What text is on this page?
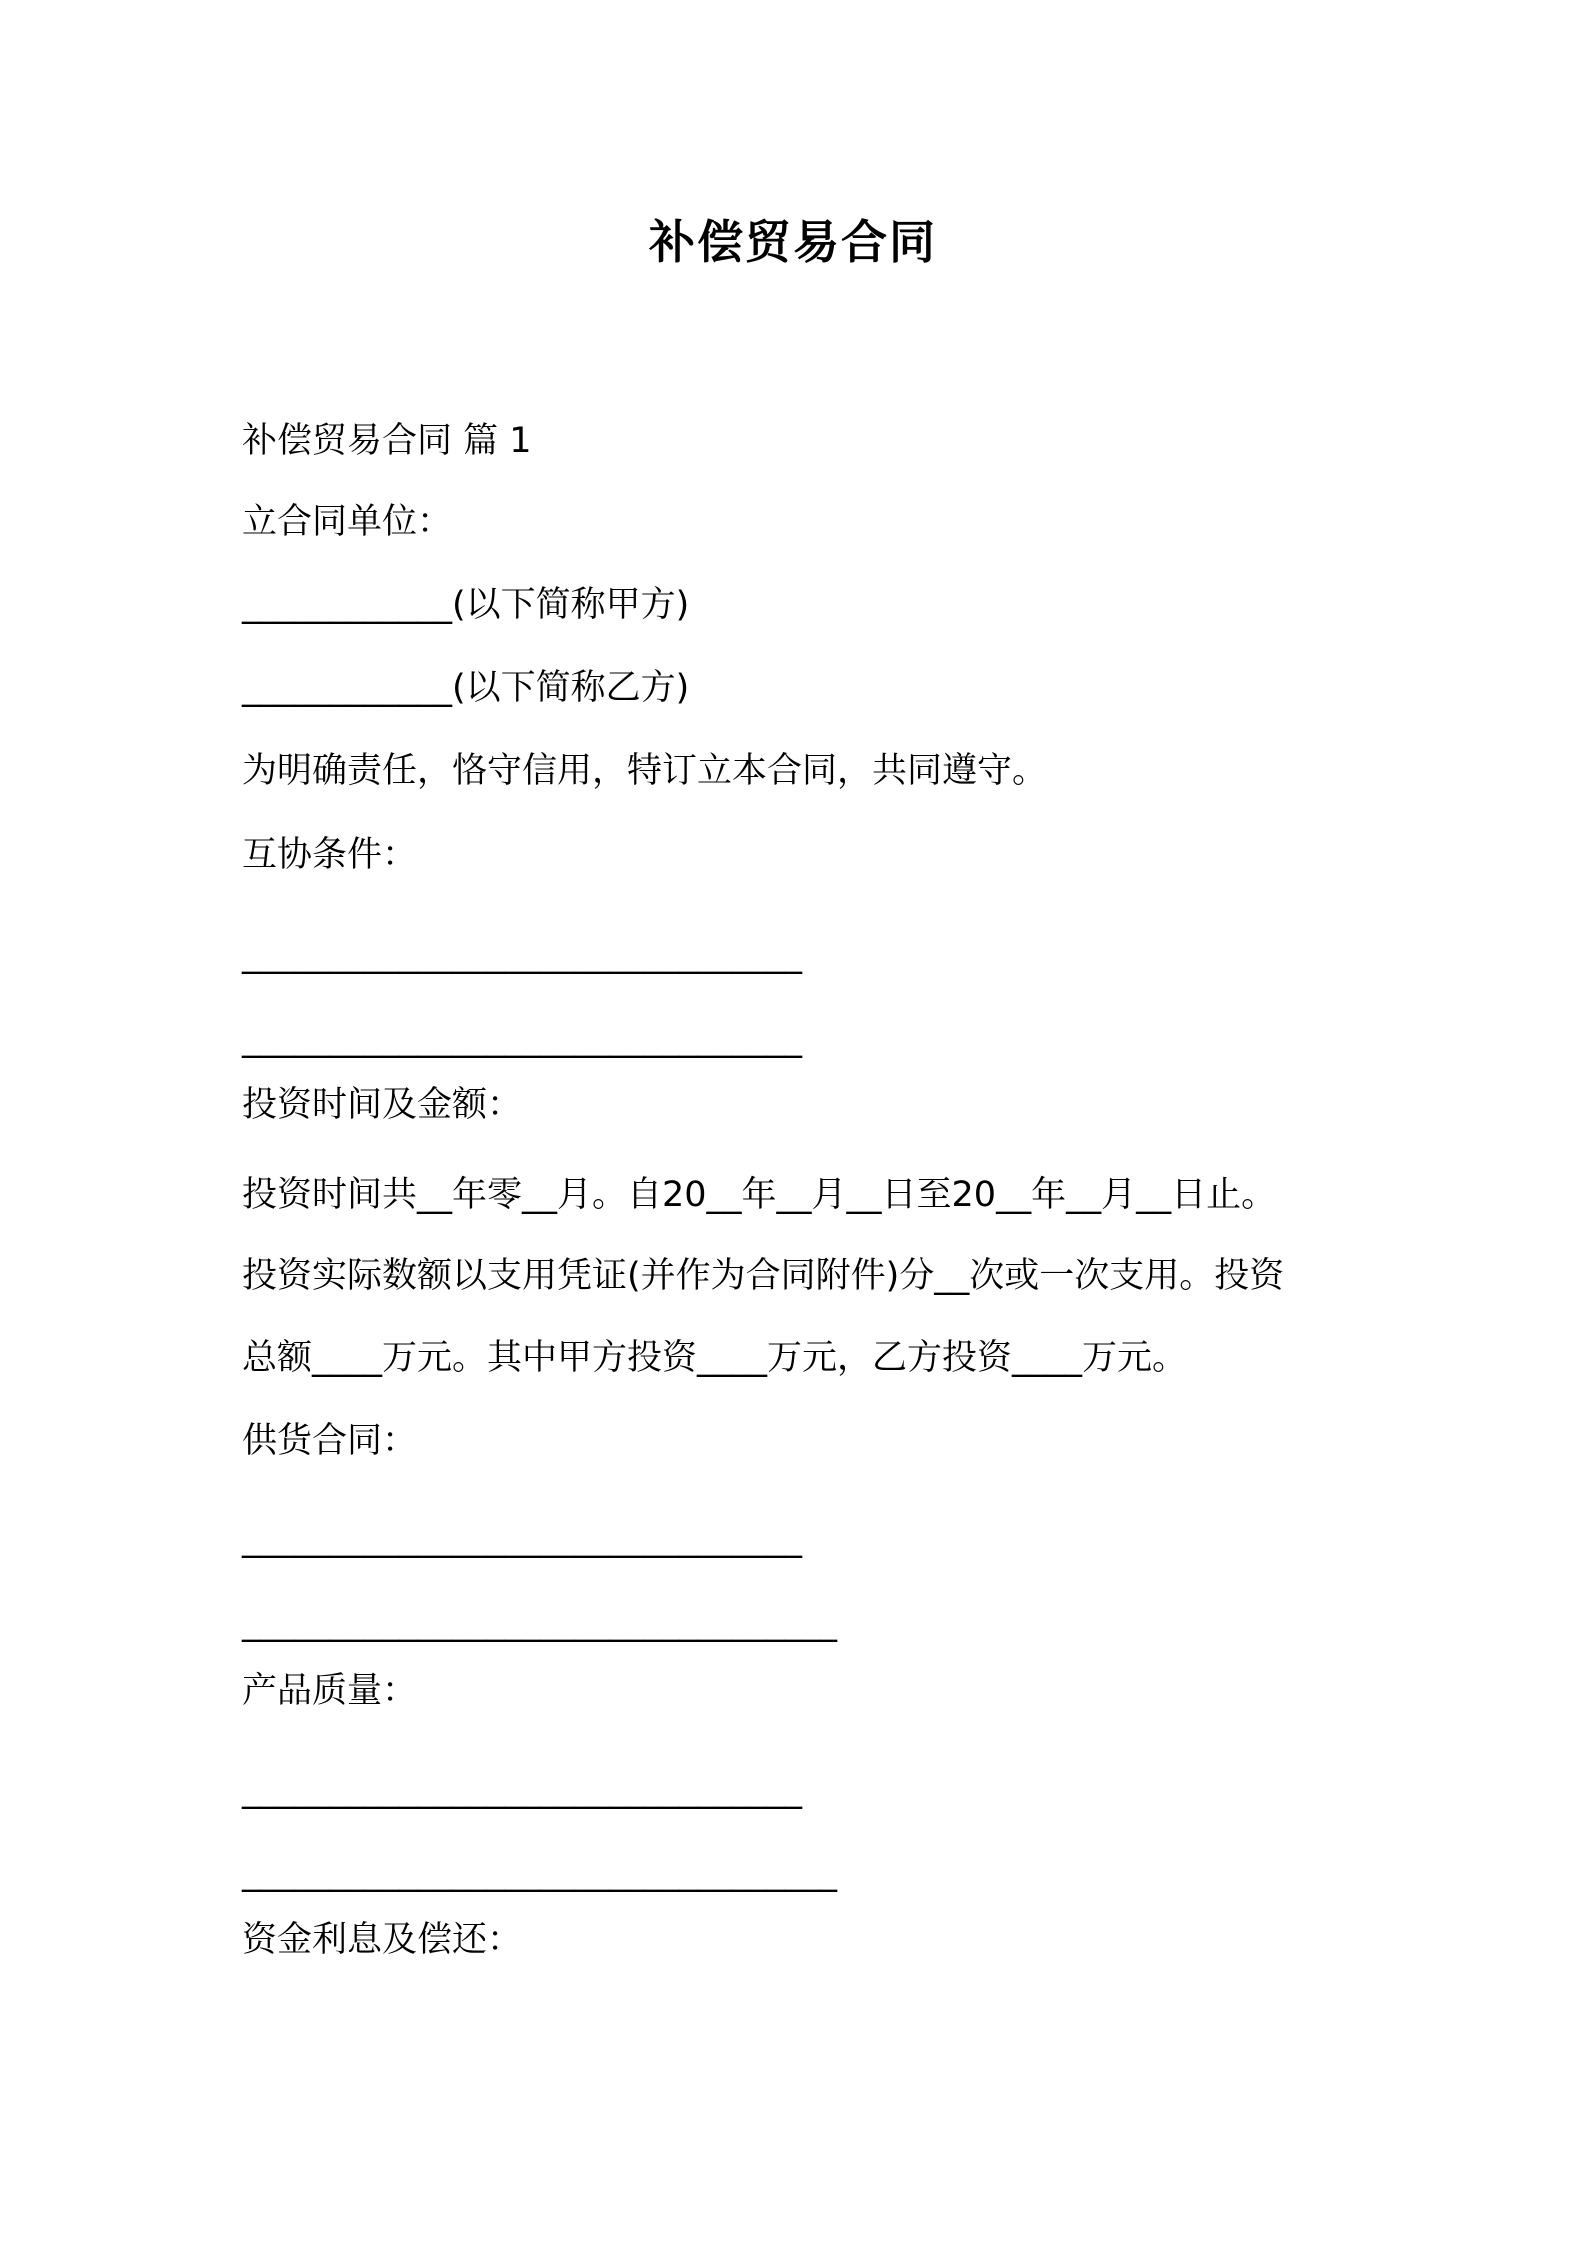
补偿贸易合同
补偿贸易合同 篇 1
立合同单位：
____________(以下简称甲方)
____________(以下简称乙方)
为明确责任，恪守信用，特订立本合同，共同遵守。
互协条件：
________________________________
________________________________
投资时间及金额：
投资时间共__年零__月。自20__年__月__日至20__年__月__日止。
投资实际数额以支用凭证(并作为合同附件)分__次或一次支用。投资
总额____万元。其中甲方投资____万元，乙方投资____万元。
供货合同：
________________________________
__________________________________
产品质量：
________________________________
__________________________________
资金利息及偿还：
